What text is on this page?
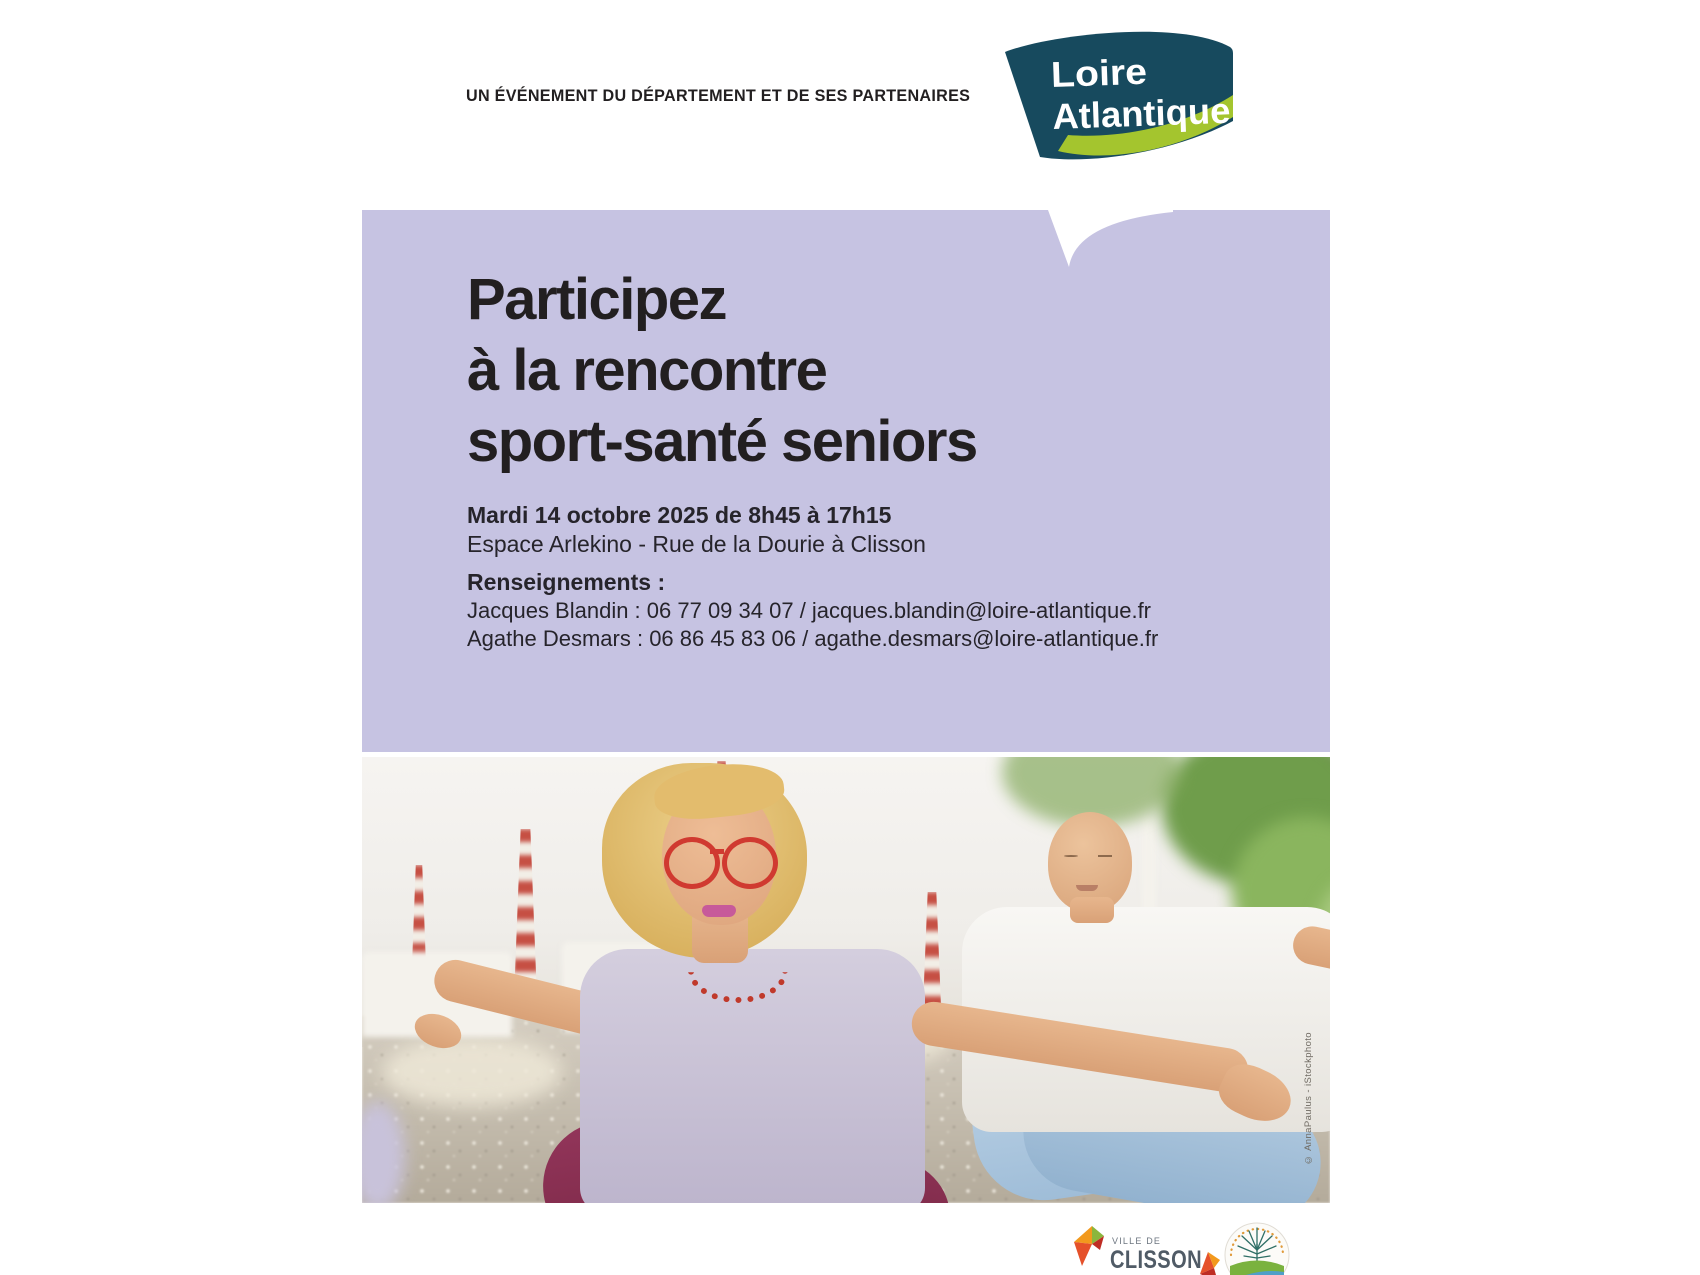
UN ÉVÉNEMENT DU DÉPARTEMENT ET DE SES PARTENAIRES
Loire
Atlantique
Participez
à la rencontre
sport-santé seniors
Mardi 14 octobre 2025 de 8h45 à 17h15
Espace Arlekino - Rue de la Dourie à Clisson
Renseignements :
Jacques Blandin : 06 77 09 34 07 / jacques.blandin@loire-atlantique.fr
Agathe Desmars : 06 86 45 83 06 / agathe.desmars@loire-atlantique.fr
© AnnaPaulus - iStockphoto
VILLE DE
CLISSON
